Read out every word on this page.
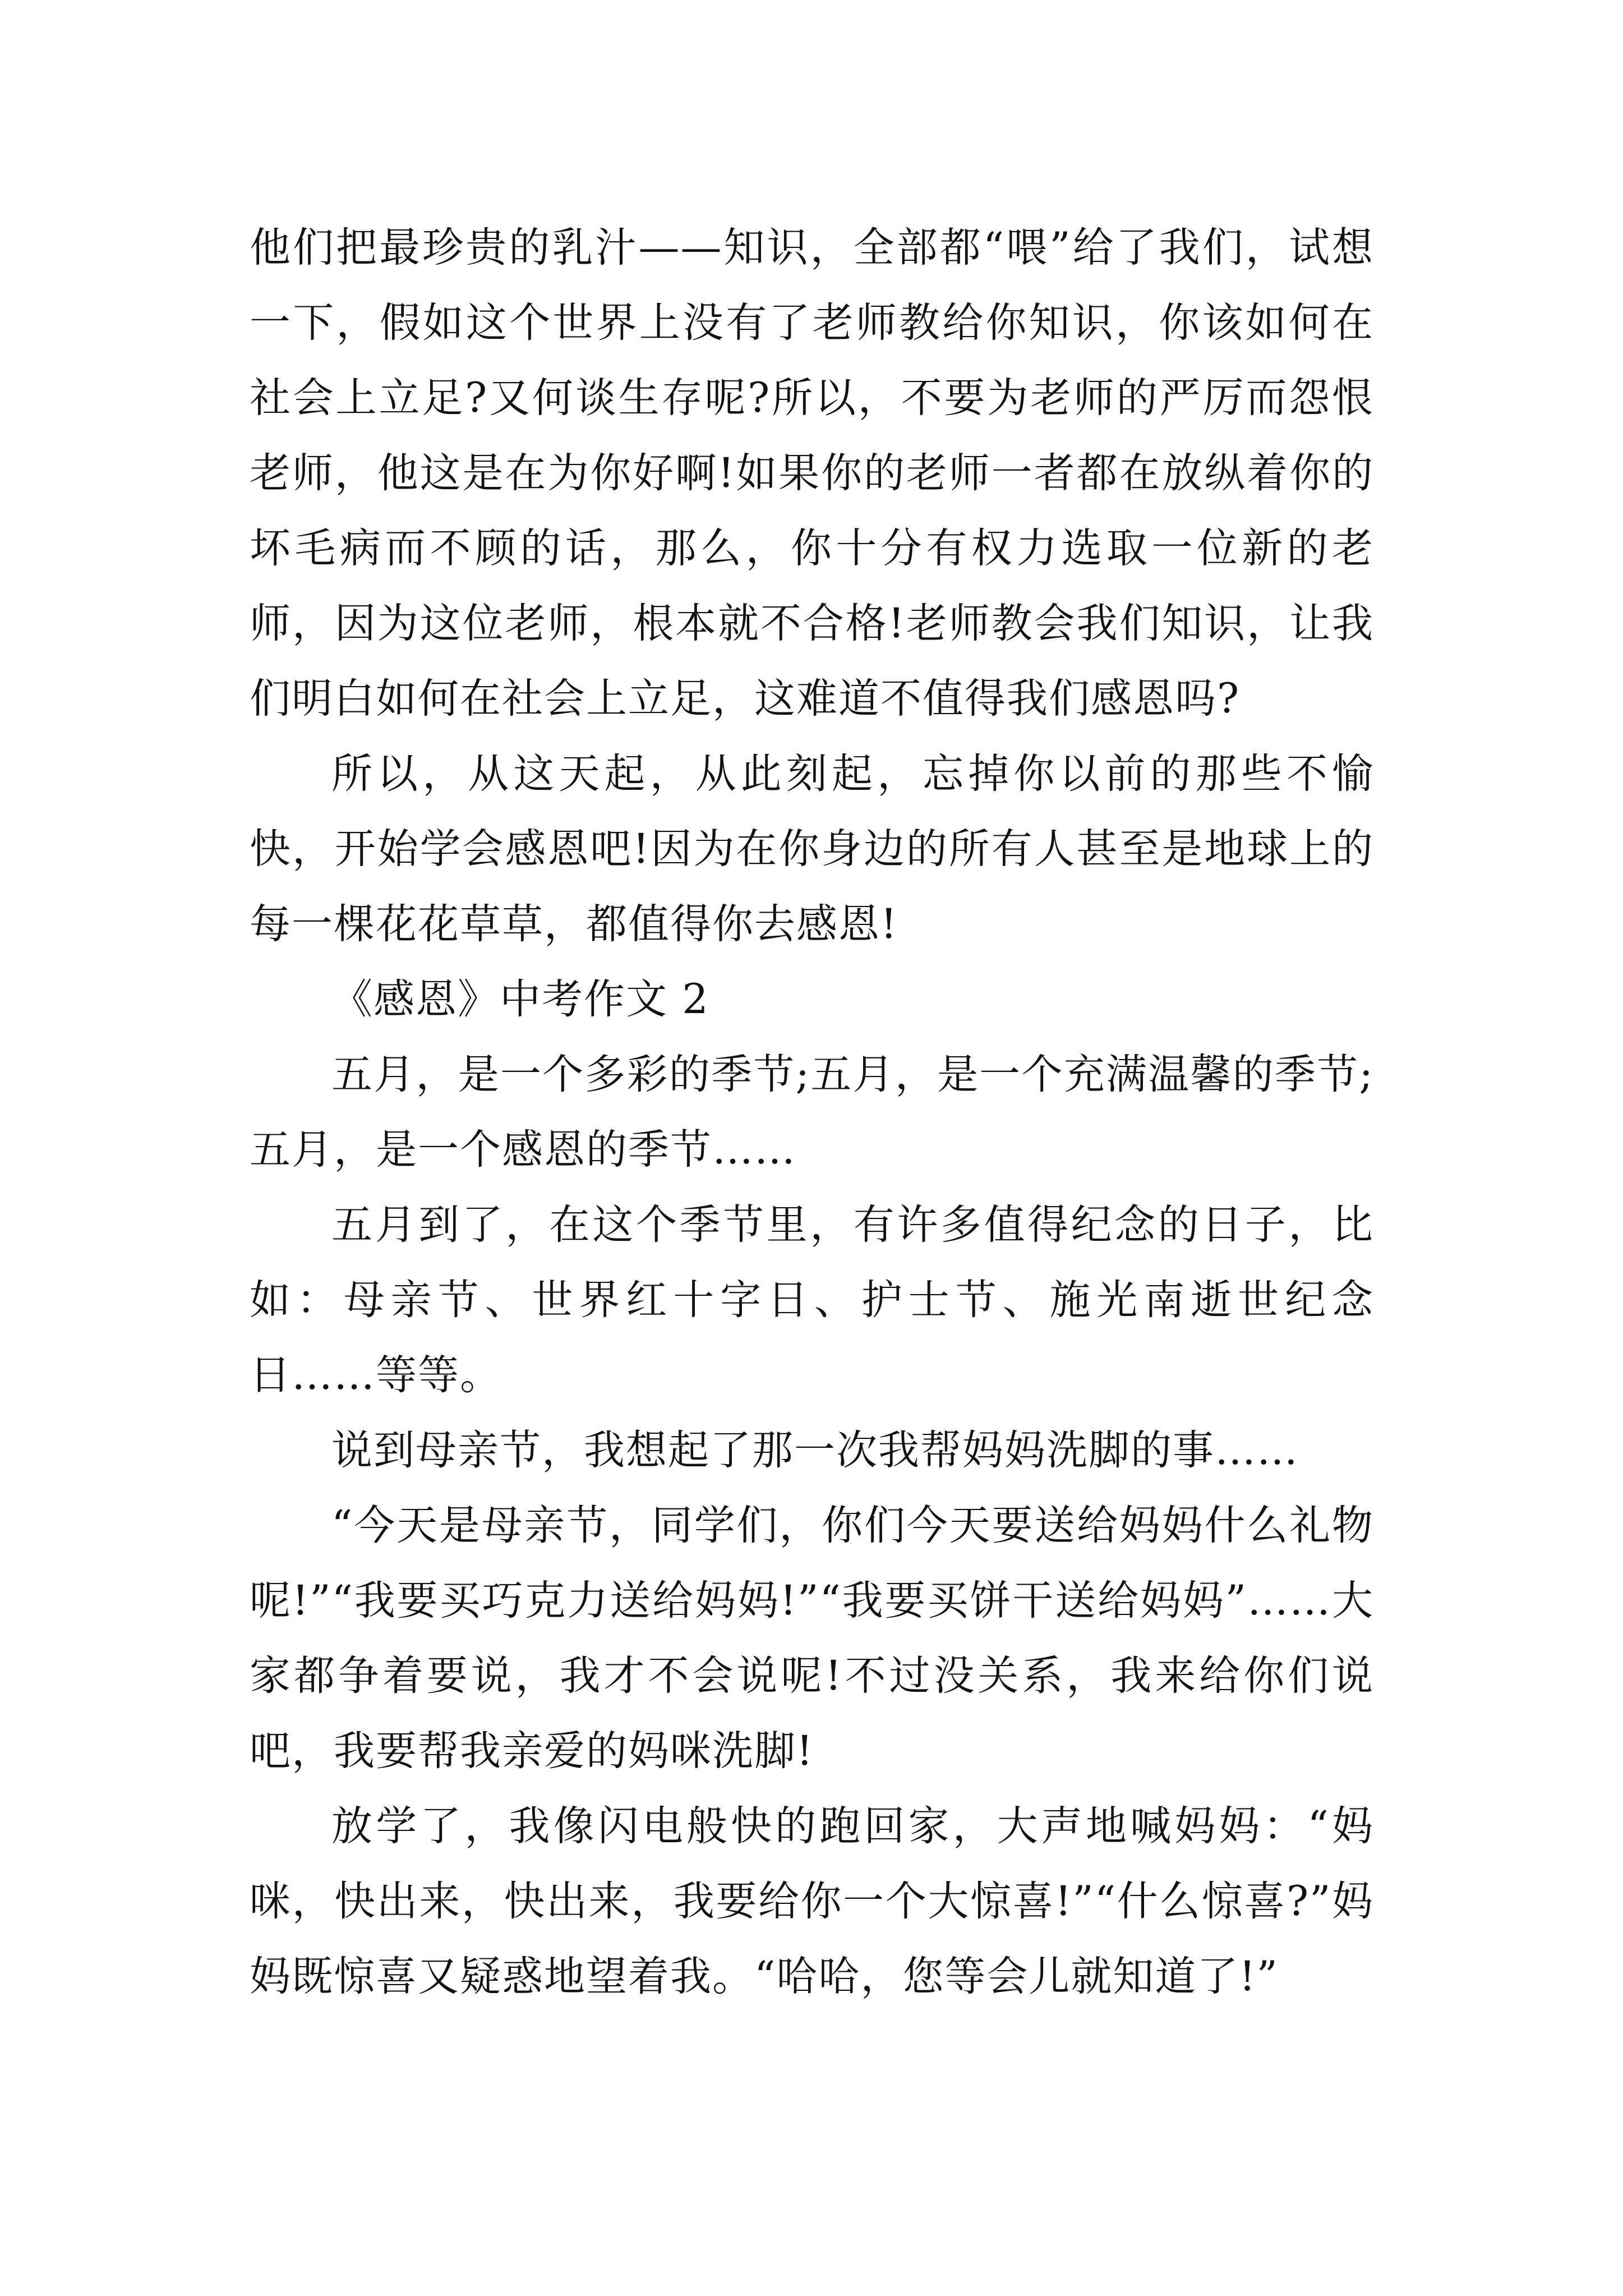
他们把最珍贵的乳汁——知识，全部都“喂”给了我们，试想一下，假如这个世界上没有了老师教给你知识，你该如何在社会上立足?又何谈生存呢?所以，不要为老师的严厉而怨恨老师，他这是在为你好啊!如果你的老师一者都在放纵着你的坏毛病而不顾的话，那么，你十分有权力选取一位新的老师，因为这位老师，根本就不合格!老师教会我们知识，让我们明白如何在社会上立足，这难道不值得我们感恩吗?

所以，从这天起，从此刻起，忘掉你以前的那些不愉快，开始学会感恩吧!因为在你身边的所有人甚至是地球上的每一棵花花草草，都值得你去感恩!

《感恩》中考作文 2

五月，是一个多彩的季节;五月，是一个充满温馨的季节;五月，是一个感恩的季节……

五月到了，在这个季节里，有许多值得纪念的日子，比如：母亲节、世界红十字日、护士节、施光南逝世纪念日……等等。

说到母亲节，我想起了那一次我帮妈妈洗脚的事……

“今天是母亲节，同学们，你们今天要送给妈妈什么礼物呢!”“我要买巧克力送给妈妈!”“我要买饼干送给妈妈”……大家都争着要说，我才不会说呢!不过没关系，我来给你们说吧，我要帮我亲爱的妈咪洗脚!

放学了，我像闪电般快的跑回家，大声地喊妈妈：“妈咪，快出来，快出来，我要给你一个大惊喜!”“什么惊喜?”妈妈既惊喜又疑惑地望着我。“哈哈，您等会儿就知道了!”
